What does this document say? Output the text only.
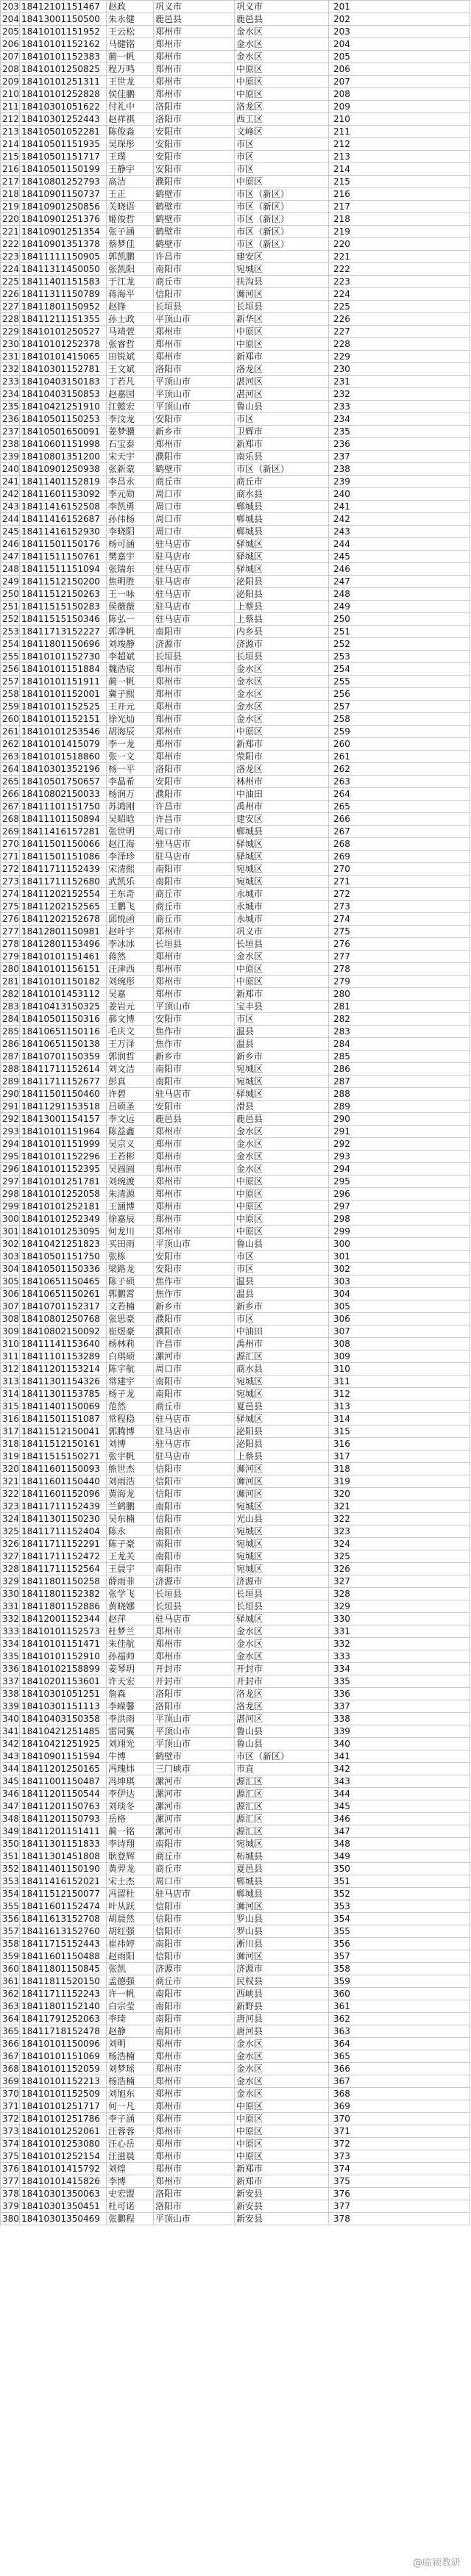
203	18412101151467	赵政	巩义市	巩义市	201
204	18413001150500	朱永健	鹿邑县	鹿邑县	202
205	18410101151952	王云松	郑州市	金水区	203
206	18410101152162	马健铭	郑州市	金水区	204
207	18410101152383	蔺一帆	郑州市	金水区	205
208	18410101250825	程万鸣	郑州市	中原区	206
209	18410101251311	王世龙	郑州市	中原区	207
210	18410101252828	侯佳鹏	郑州市	中原区	208
211	18410301051622	付礼中	洛阳市	洛龙区	209
212	18410301252443	赵祥祺	洛阳市	西工区	210
213	18410501052281	陈俊淼	安阳市	文峰区	211
214	18410501151935	吴琛彤	安阳市	市区	212
215	18410501151717	王璞	安阳市	市区	213
216	18410501150199	王静宇	安阳市	市区	214
217	18410801252793	高洁	濮阳市	中原区	215
218	18410901150737	王正	鹤壁市	市区（新区）	216
219	18410901250856	关晓语	鹤壁市	市区（新区）	217
220	18410901251376	姬俊哲	鹤壁市	市区（新区）	218
221	18410901251354	张子涵	鹤壁市	市区（新区）	219
222	18410901351378	蔡梦佳	鹤壁市	市区（新区）	220
223	18411111150905	郭凯鹏	许昌市	建安区	221
224	18411311450050	张凯阳	南阳市	宛城区	222
225	18411401151583	于江龙	商丘市	扶沟县	223
226	18411311150789	蒋海平	信阳市	浉河区	224
227	18411801150952	赵锋	长垣县	长垣县	225
228	18411211151355	孙士政	平顶山市	新华区	226
229	18410101250527	马靖萱	郑州市	中原区	227
230	18410101252378	张睿哲	郑州市	中原区	228
231	18410101415065	田锐斌	郑州市	新郑市	229
232	18410301152781	王文斌	洛阳市	洛龙区	230
233	18410403150183	丁若凡	平顶山市	湛河区	231
234	18410403150853	赵嘉园	平顶山市	湛河区	232
235	18410421251910	江懿宏	平顶山市	鲁山县	233
236	18410501150253	李汶龙	安阳市	市区	234
237	18410501650091	姜梦骥	新乡市	卫辉市	235
238	18410601151998	石宝泰	郑州市	新郑市	236
239	18410801351200	宋天宇	濮阳市	南乐县	237
240	18410901250938	张新蒙	鹤壁市	市区（新区）	238
241	18411401152819	李昌永	商丘市	商丘市	239
242	18411601153092	李元勋	周口市	商水县	240
243	18411416152508	李凯勇	周口市	郸城县	241
244	18411416152687	孙伟杨	周口市	郸城县	242
245	18411416152930	李晓阳	周口市	郸城县	243
246	18411501150176	杨可涵	驻马店市	驿城区	244
247	18411511150761	樊嘉宇	驻马店市	驿城区	245
248	18411511151094	张瑞东	驻马店市	驿城区	246
249	18411512150200	焦明胜	驻马店市	泌阳县	247
250	18411512150263	王一咏	驻马店市	泌阳县	248
251	18411515150283	侯薇薇	驻马店市	上蔡县	249
252	18411515150346	陈弘一	驻马店市	上蔡县	250
253	18411713152227	郭净帆	南阳市	内乡县	251
254	18411801150696	刘竣静	济源市	济源市	252
255	18410101152730	李超斌	长垣县	长垣县	253
256	18410101151884	魏浩宸	郑州市	金水区	254
257	18410101151911	蔺一帆	郑州市	金水区	255
258	18410101152001	冀子熙	郑州市	金水区	256
259	18410101152525	王开元	郑州市	金水区	257
260	18410101152151	徐光灿	郑州市	金水区	258
261	18410101253546	胡海辰	郑州市	中原区	259
262	18410101415079	李一龙	郑州市	新郑市	260
263	18410101518860	张一文	郑州市	荥阳市	261
264	18410301352196	杨一平	洛阳市	洛龙区	262
265	18410501750657	李晶希	安阳市	林州市	263
266	18410802150033	杨润万	濮阳市	中油田	264
267	18411101151750	苏鸿刚	许昌市	禹州市	265
268	18411101150894	吴昭晗	许昌市	建安区	266
269	18411416157281	张世明	周口市	郸城县	267
270	18411501150066	赵江海	驻马店市	驿城区	268
271	18411501151086	李泽珍	驻马店市	驿城区	269
272	18411711152439	宋清熙	南阳市	宛城区	270
273	18411711152680	武凯乐	南阳市	宛城区	271
274	18411202152554	王东奇	商丘市	永城市	272
275	18411202152565	王鹏飞	商丘市	永城市	273
276	18411202152678	邱悦函	商丘市	永城市	274
277	18412801150981	赵叶宇	郑州市	巩义市	275
278	18412801153496	李冰冰	长垣县	长垣县	276
279	18410101151461	蒋然	郑州市	金水区	277
280	18410101156151	汪津西	郑州市	中原区	278
281	18410101150182	刘琬彤	郑州市	中原区	279
282	18410101453112	吴嘉	郑州市	新郑市	280
283	18410413150325	姜岩元	平顶山市	宝丰县	281
284	18410501150316	郝文博	安阳市	市区	282
285	18410651150116	毛庆文	焦作市	温县	283
286	18410651150138	王万泽	焦作市	温县	284
287	18410701150359	郭润哲	新乡市	新乡市	285
288	18411711152614	刘文洁	南阳市	宛城区	286
289	18411711152677	彭真	南阳市	宛城区	287
290	18411501150460	许碧	驻马店市	驿城区	288
291	18411291153518	吕硕圣	安阳市	滑县	289
292	18413001154157	李文远	鹿邑县	鹿邑县	290
293	18410101151964	陈益鑫	郑州市	金水区	291
294	18410101151999	吴宗义	郑州市	金水区	292
295	18410101152296	王若彬	郑州市	金水区	293
296	18410101152395	吴圆圆	郑州市	金水区	294
297	18410101251781	刘琬渡	郑州市	中原区	295
298	18410101252058	朱清源	郑州市	中原区	296
299	18410101252181	王涵博	郑州市	中原区	297
300	18410101252349	徐嘉辰	郑州市	中原区	298
301	18410101253095	何龙川	郑州市	中原区	299
302	18410421251823	买田雨	平顶山市	鲁山县	300
303	18410501151750	张栋	安阳市	市区	301
304	18410501150336	梁路龙	安阳市	市区	302
305	18410651150465	陈子硕	焦作市	温县	303
306	18410651150261	郭鹏霄	焦作市	温县	304
307	18410701152317	文若楠	新乡市	新乡市	305
308	18410801250768	张思豪	濮阳市	市区	306
309	18410802150092	崔煜豪	濮阳市	中油田	307
310	18411141153640	杨林莉	许昌市	禹州市	308
311	18411101153289	白琪硕	漯河市	源汇区	309
312	18411201153214	陈宇航	周口市	商水县	310
313	18411301154326	常建宇	南阳市	宛城区	311
314	18411301153785	杨子龙	南阳市	宛城区	312
315	18411401150069	范然	商丘市	夏邑县	313
316	18411501151087	常程稳	驻马店市	驿城区	314
317	18411512150041	郭腾博	驻马店市	泌阳县	315
318	18411512150161	刘博	驻马店市	泌阳县	316
319	18411515150271	张宇帆	驻马店市	上蔡县	317
320	18411601150093	熊世杰	信阳市	浉河区	318
321	18411601150440	刘雨浩	信阳市	浉河区	319
322	18411601152096	黄海龙	信阳市	浉河区	320
323	18411711152439	兰鹤鹏	南阳市	宛城区	321
324	18411301150230	吴东楠	信阳市	光山县	322
325	18411711152404	陈永	南阳市	宛城区	323
326	18411711152291	陈子豪	南阳市	宛城区	324
327	18411711152472	王龙关	南阳市	宛城区	325
328	18411711152564	王晨宇	南阳市	宛城区	326
329	18411801150258	薛雨菲	济源市	济源市	327
330	18411801152382	张学飞	长垣县	长垣县	328
331	18411801152886	黄晓娜	长垣县	长垣县	329
332	18412001152344	赵萍	驻马店市	驿城区	330
333	18410101152573	杜梦兰	郑州市	金水区	331
334	18410101151471	朱佳航	郑州市	金水区	332
335	18410101152910	孙福帅	郑州市	金水区	333
336	18410102158899	姜琴玥	开封市	开封市	334
337	18410201153601	许天宏	开封市	开封市	335
338	18410301051251	詹森	洛阳市	洛龙区	336
339	18410301151113	李嵘馨	洛阳市	洛龙区	337
340	18410403150358	李洪雨	平顶山市	湛河区	338
341	18410421251485	雷同翼	平顶山市	鲁山县	339
342	18410421251925	刘翊光	平顶山市	鲁山县	340
343	18410901151594	牛博	鹤壁市	市区（新区）	341
344	18411201250165	冯瑰炜	三门峡市	市直	342
345	18411001150487	冯坤琪	漯河市	源汇区	343
346	18411201150544	李伊达	漯河市	源汇区	344
347	18411201150763	刘琰冬	漯河市	源汇区	345
348	18411201150793	岳格	漯河市	源汇区	346
349	18411201151411	蔺一铭	漯河市	源汇区	347
350	18411301151833	李诗翔	南阳市	宛城区	348
351	18411301451808	耿登辉	商丘市	柘城县	349
352	18411401150190	黄羿龙	商丘市	夏邑县	350
353	18411416152021	宋士杰	周口市	郸城县	351
354	18411512150077	冯留杜	驻马店市	郸城县	352
355	18411601152474	叶从跃	信阳市	浉河区	353
356	18411613152708	胡晨然	信阳市	罗山县	354
357	18411613152760	胡红强	信阳市	罗山县	355
358	18411715152443	崔祎婷	南阳市	淅川县	356
359	18411601150488	赵雨阳	信阳市	浉河区	357
360	18411801150845	张凯	济源市	济源市	358
361	18411811520150	孟德强	商丘市	民权县	359
362	18411711152243	许一帆	南阳市	西峡县	360
363	18411801152140	白宗莹	南阳市	新野县	361
364	18411791252063	李琦	南阳市	唐河县	362
365	18411718152478	赵静	南阳市	唐河县	363
366	18410101150096	刘明	郑州市	金水区	364
367	18410101151069	杨浩楠	郑州市	金水区	365
368	18410101152059	刘梦瑶	郑州市	金水区	366
369	18410101152213	杨浩楠	郑州市	金水区	367
370	18410101152509	刘旭东	郑州市	金水区	368
371	18410101251717	何一凡	郑州市	中原区	369
372	18410101251786	李子涵	郑州市	中原区	370
373	18410101252061	汪蓉蓉	郑州市	中原区	371
374	18410101253080	汪心岳	郑州市	中原区	372
375	18410101252154	汪滋晨	郑州市	中原区	373
376	18410101415792	刘煌	郑州市	新郑市	374
377	18410101415826	李博	郑州市	新郑市	375
378	18410301350063	史宏盟	洛阳市	新安县	376
379	18410301350451	杜可诺	洛阳市	新安县	377
380	18410301350469	张鹏程	平顶山市	新安县	378
@临颍教研
